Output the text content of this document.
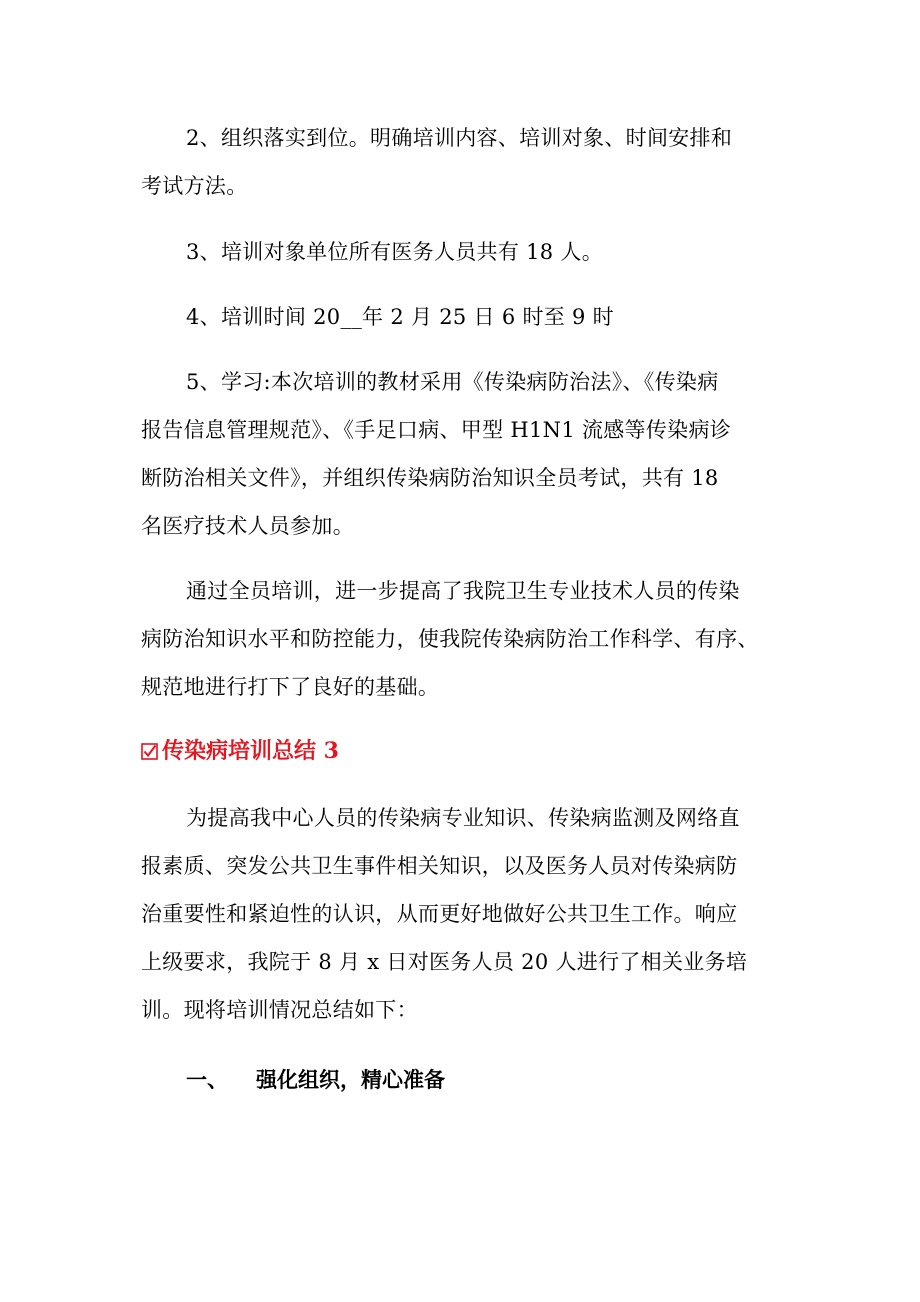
2、组织落实到位。明确培训内容、培训对象、时间安排和
考试方法。
3、培训对象单位所有医务人员共有 18 人。
4、培训时间 20__年 2 月 25 日 6 时至 9 时
5、学习:本次培训的教材采用《传染病防治法》、《传染病
报告信息管理规范》、《手足口病、甲型 H1N1 流感等传染病诊
断防治相关文件》，并组织传染病防治知识全员考试，共有 18
名医疗技术人员参加。
通过全员培训，进一步提高了我院卫生专业技术人员的传染
病防治知识水平和防控能力，使我院传染病防治工作科学、有序、
规范地进行打下了良好的基础。
传染病培训总结 3
为提高我中心人员的传染病专业知识、传染病监测及网络直
报素质、突发公共卫生事件相关知识，以及医务人员对传染病防
治重要性和紧迫性的认识，从而更好地做好公共卫生工作。响应
上级要求，我院于 8 月 x 日对医务人员 20 人进行了相关业务培
训。现将培训情况总结如下：
一、 强化组织，精心准备
